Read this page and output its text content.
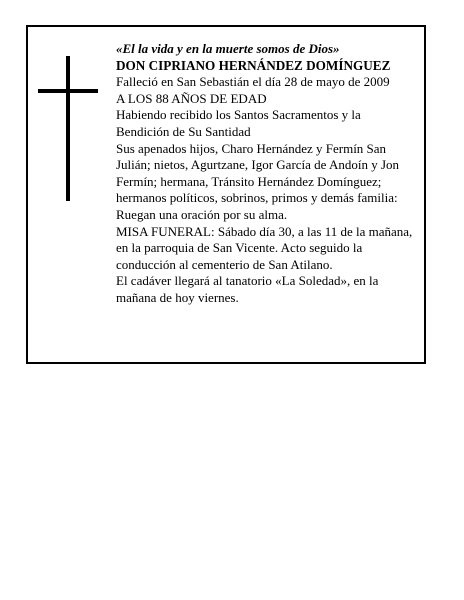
«El la vida y en la muerte somos de Dios»

DON CIPRIANO HERNÁNDEZ DOMÍNGUEZ

Falleció en San Sebastián el día 28 de mayo de 2009

A LOS 88 AÑOS DE EDAD

Habiendo recibido los Santos Sacramentos y la Bendición de Su Santidad

Sus apenados hijos, Charo Hernández y Fermín San Julián; nietos, Agurtzane, Igor García de Andoín y Jon Fermín; hermana, Tránsito Hernández Domínguez; hermanos políticos, sobrinos, primos y demás familia:

Ruegan una oración por su alma.

MISA FUNERAL: Sábado día 30, a las 11 de la mañana, en la parroquia de San Vicente. Acto seguido la conducción al cementerio de San Atilano.

El cadáver llegará al tanatorio «La Soledad», en la mañana de hoy viernes.
